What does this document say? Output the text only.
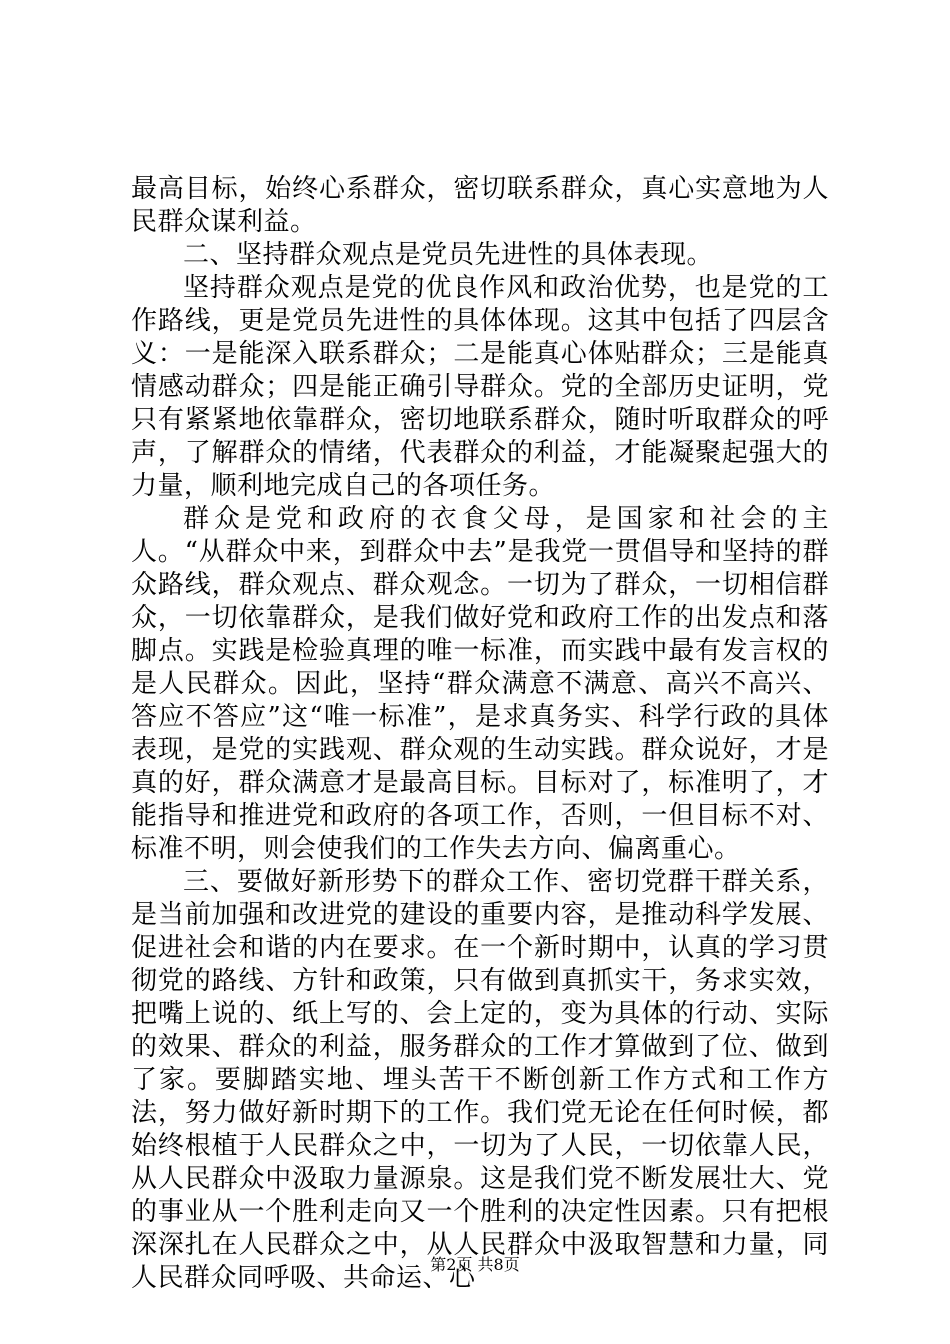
最高目标，始终心系群众，密切联系群众，真心实意地为人民群众谋利益。

二、坚持群众观点是党员先进性的具体表现。

坚持群众观点是党的优良作风和政治优势，也是党的工作路线，更是党员先进性的具体体现。这其中包括了四层含义：一是能深入联系群众；二是能真心体贴群众；三是能真情感动群众；四是能正确引导群众。党的全部历史证明，党只有紧紧地依靠群众，密切地联系群众，随时听取群众的呼声，了解群众的情绪，代表群众的利益，才能凝聚起强大的力量，顺利地完成自己的各项任务。

群众是党和政府的衣食父母，是国家和社会的主人。“从群众中来，到群众中去”是我党一贯倡导和坚持的群众路线，群众观点、群众观念。一切为了群众，一切相信群众，一切依靠群众，是我们做好党和政府工作的出发点和落脚点。实践是检验真理的唯一标准，而实践中最有发言权的是人民群众。因此，坚持“群众满意不满意、高兴不高兴、答应不答应”这“唯一标准”，是求真务实、科学行政的具体表现，是党的实践观、群众观的生动实践。群众说好，才是真的好，群众满意才是最高目标。目标对了，标准明了，才能指导和推进党和政府的各项工作，否则，一但目标不对、标准不明，则会使我们的工作失去方向、偏离重心。

三、要做好新形势下的群众工作、密切党群干群关系，是当前加强和改进党的建设的重要内容，是推动科学发展、促进社会和谐的内在要求。在一个新时期中，认真的学习贯彻党的路线、方针和政策，只有做到真抓实干，务求实效，把嘴上说的、纸上写的、会上定的，变为具体的行动、实际的效果、群众的利益，服务群众的工作才算做到了位、做到了家。要脚踏实地、埋头苦干不断创新工作方式和工作方法，努力做好新时期下的工作。我们党无论在任何时候，都始终根植于人民群众之中，一切为了人民，一切依靠人民，从人民群众中汲取力量源泉。这是我们党不断发展壮大、党的事业从一个胜利走向又一个胜利的决定性因素。只有把根深深扎在人民群众之中，从人民群众中汲取智慧和力量，同人民群众同呼吸、共命运、心

第2页 共8页
